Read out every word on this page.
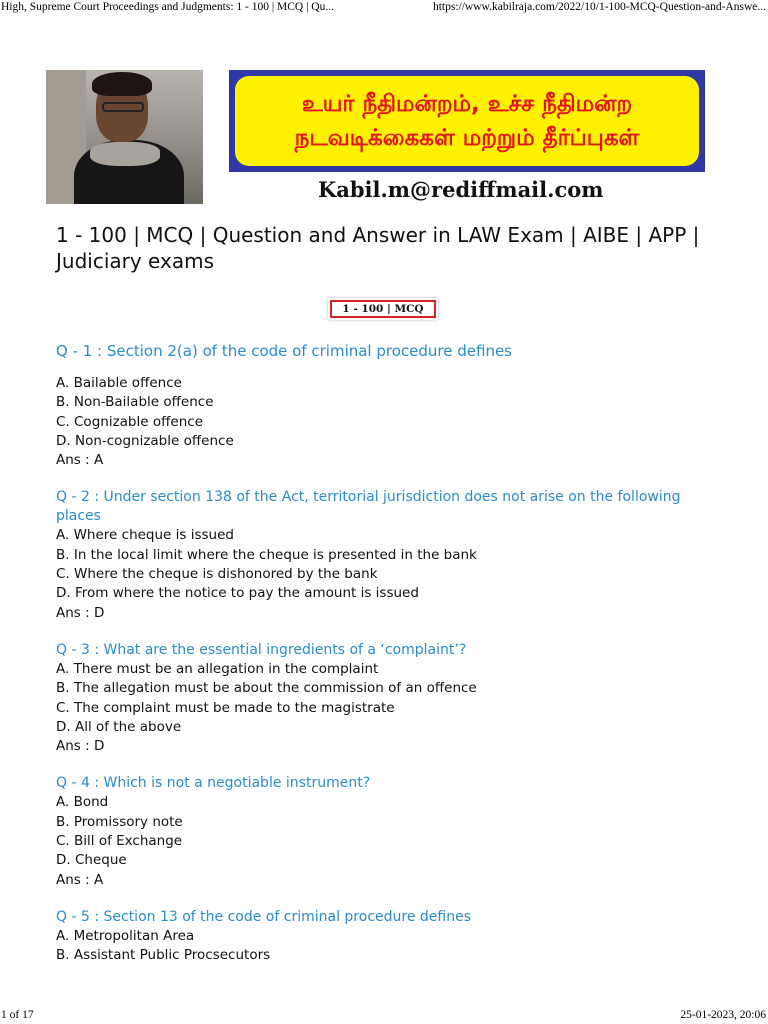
High, Supreme Court Proceedings and Judgments: 1 - 100 | MCQ | Qu...	https://www.kabilraja.com/2022/10/1-100-MCQ-Question-and-Answe...
உயர் நீதிமன்றம், உச்ச நீதிமன்ற
நடவடிக்கைகள் மற்றும் தீர்ப்புகள்
Kabil.m@rediffmail.com
1 - 100 | MCQ | Question and Answer in LAW Exam | AIBE | APP | Judiciary exams
1 - 100 | MCQ

Q - 1 : Section 2(a) of the code of criminal procedure defines

A. Bailable offence

B. Non-Bailable offence

C. Cognizable offence

D. Non-cognizable offence

Ans : A

Q - 2 : Under section 138 of the Act, territorial jurisdiction does not arise on the following places

A. Where cheque is issued

B. In the local limit where the cheque is presented in the bank

C. Where the cheque is dishonored by the bank

D. From where the notice to pay the amount is issued

Ans : D

Q - 3 : What are the essential ingredients of a ‘complaint’?

A. There must be an allegation in the complaint

B. The allegation must be about the commission of an offence

C. The complaint must be made to the magistrate

D. All of the above

Ans : D

Q - 4 : Which is not a negotiable instrument?

A. Bond

B. Promissory note

C. Bill of Exchange

D. Cheque

Ans : A

Q - 5 : Section 13 of the code of criminal procedure defines

A. Metropolitan Area

B. Assistant Public Procsecutors

1 of 17	25-01-2023, 20:06
